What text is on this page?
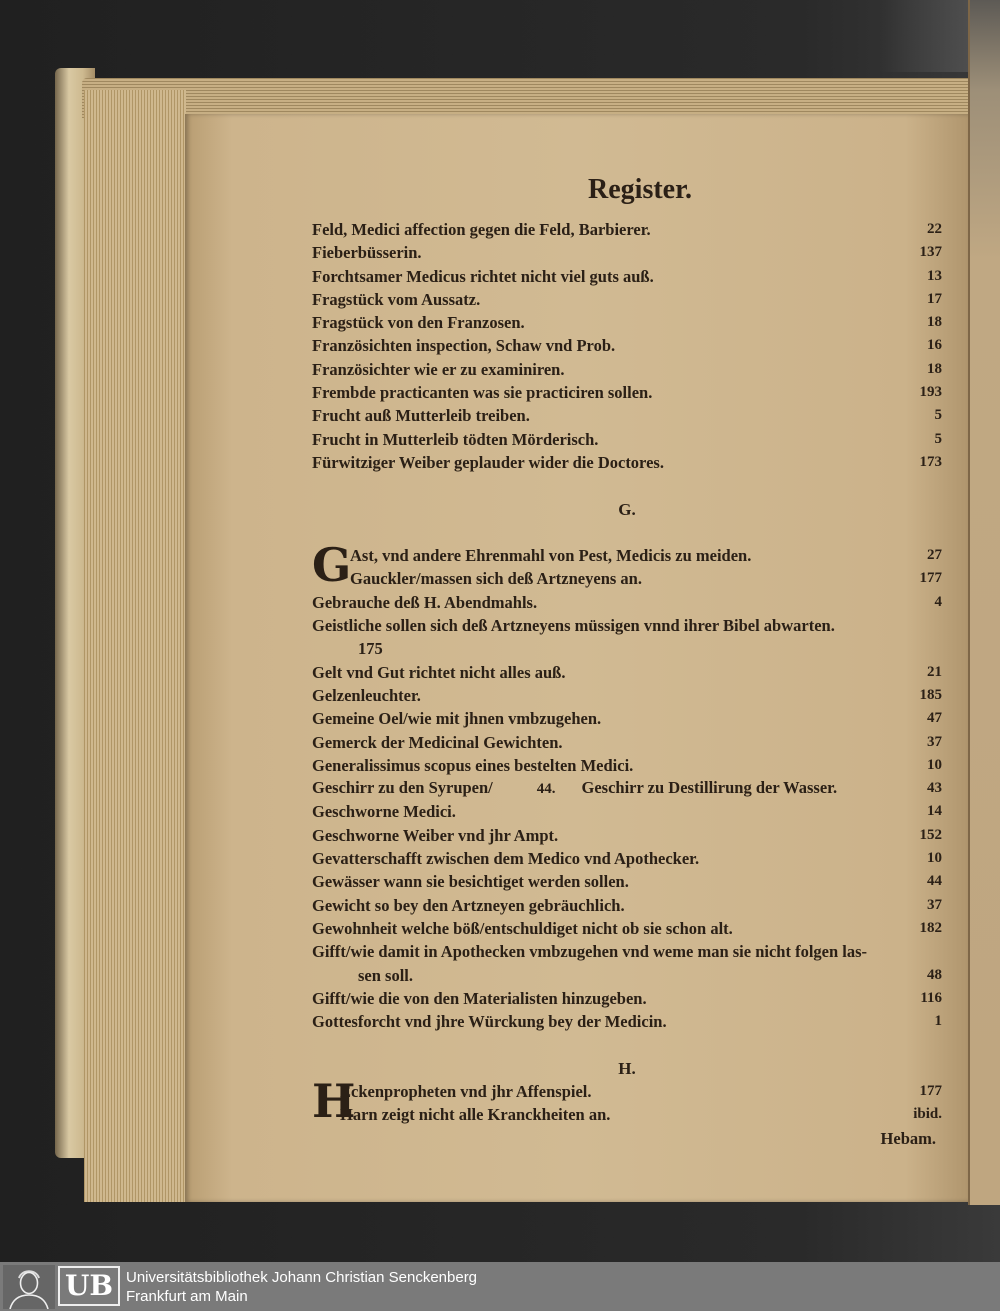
Register.
Feld, Medici affection gegen die Feld, Barbierer.	22
Fieberbüsserin.	137
Forchtsamer Medicus richtet nicht viel guts auß.	13
Fragstück vom Aussatz.	17
Fragstück von den Franzosen.	18
Französichten inspection, Schaw vnd Prob.	16
Französichter wie er zu examiniren.	18
Frembde practicanten was sie practiciren sollen.	193
Frucht auß Mutterleib treiben.	5
Frucht in Mutterleib tödten Mörderisch.	5
Fürwitziger Weiber geplauder wider die Doctores.	173
G.
G
Ast, vnd andere Ehrenmahl von Pest, Medicis zu meiden.	27
Gauckler/massen sich deß Artzneyens an.	177
Gebrauche deß H. Abendmahls.	4
Geistliche sollen sich deß Artzneyens müssigen vnnd ihrer Bibel abwarten.
175
Gelt vnd Gut richtet nicht alles auß.	21
Gelzenleuchter.	185
Gemeine Oel/wie mit jhnen vmbzugehen.	47
Gemerck der Medicinal Gewichten.	37
Generalissimus scopus eines bestelten Medici.	10
Geschirr zu den Syrupen/	44. Geschirr zu Destillirung der Wasser.	43
Geschworne Medici.	14
Geschworne Weiber vnd jhr Ampt.	152
Gevatterschafft zwischen dem Medico vnd Apothecker.	10
Gewässer wann sie besichtiget werden sollen.	44
Gewicht so bey den Artzneyen gebräuchlich.	37
Gewohnheit welche böß/entschuldiget nicht ob sie schon alt.	182
Gifft/wie damit in Apothecken vmbzugehen vnd weme man sie nicht folgen las-
sen soll.	48
Gifft/wie die von den Materialisten hinzugeben.	116
Gottesforcht vnd jhre Würckung bey der Medicin.	1
H.
H
Eckenpropheten vnd jhr Affenspiel.	177
Harn zeigt nicht alle Kranckheiten an.	ibid.
Hebam.
UB Universitätsbibliothek Johann Christian Senckenberg
Frankfurt am Main
